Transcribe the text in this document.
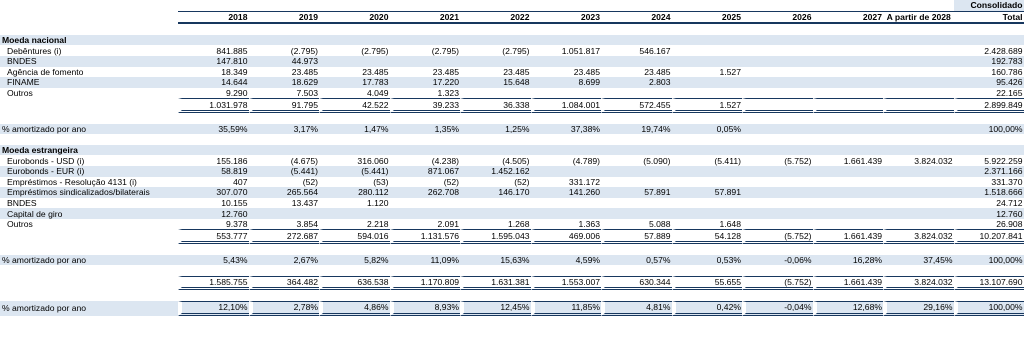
												Consolidado
	2018	2019	2020	2021	2022	2023	2024	2025	2026	2027	A partir de 2028	Total

Moeda nacional												
Debêntures (i)	841.885	(2.795)	(2.795)	(2.795)	(2.795)	1.051.817	546.167					2.428.689
BNDES	147.810	44.973										192.783
Agência de fomento	18.349	23.485	23.485	23.485	23.485	23.485	23.485	1.527				160.786
FINAME	14.644	18.629	17.783	17.220	15.648	8.699	2.803					95.426
Outros	9.290	7.503	4.049	1.323								22.165
	1.031.978	91.795	42.522	39.233	36.338	1.084.001	572.455	1.527				2.899.849

% amortizado por ano	35,59%	3,17%	1,47%	1,35%	1,25%	37,38%	19,74%	0,05%				100,00%

Moeda estrangeira												
Eurobonds - USD (i)	155.186	(4.675)	316.060	(4.238)	(4.505)	(4.789)	(5.090)	(5.411)	(5.752)	1.661.439	3.824.032	5.922.259
Eurobonds - EUR (i)	58.819	(5.441)	(5.441)	871.067	1.452.162							2.371.166
Empréstimos - Resolução 4131 (i)	407	(52)	(53)	(52)	(52)	331.172						331.370
Empréstimos sindicalizados/bilaterais	307.070	265.564	280.112	262.708	146.170	141.260	57.891	57.891				1.518.666
BNDES	10.155	13.437	1.120									24.712
Capital de giro	12.760											12.760
Outros	9.378	3.854	2.218	2.091	1.268	1.363	5.088	1.648				26.908
	553.777	272.687	594.016	1.131.576	1.595.043	469.006	57.889	54.128	(5.752)	1.661.439	3.824.032	10.207.841

% amortizado por ano	5,43%	2,67%	5,82%	11,09%	15,63%	4,59%	0,57%	0,53%	-0,06%	16,28%	37,45%	100,00%

	1.585.755	364.482	636.538	1.170.809	1.631.381	1.553.007	630.344	55.655	(5.752)	1.661.439	3.824.032	13.107.690

% amortizado por ano	12,10%	2,78%	4,86%	8,93%	12,45%	11,85%	4,81%	0,42%	-0,04%	12,68%	29,16%	100,00%
